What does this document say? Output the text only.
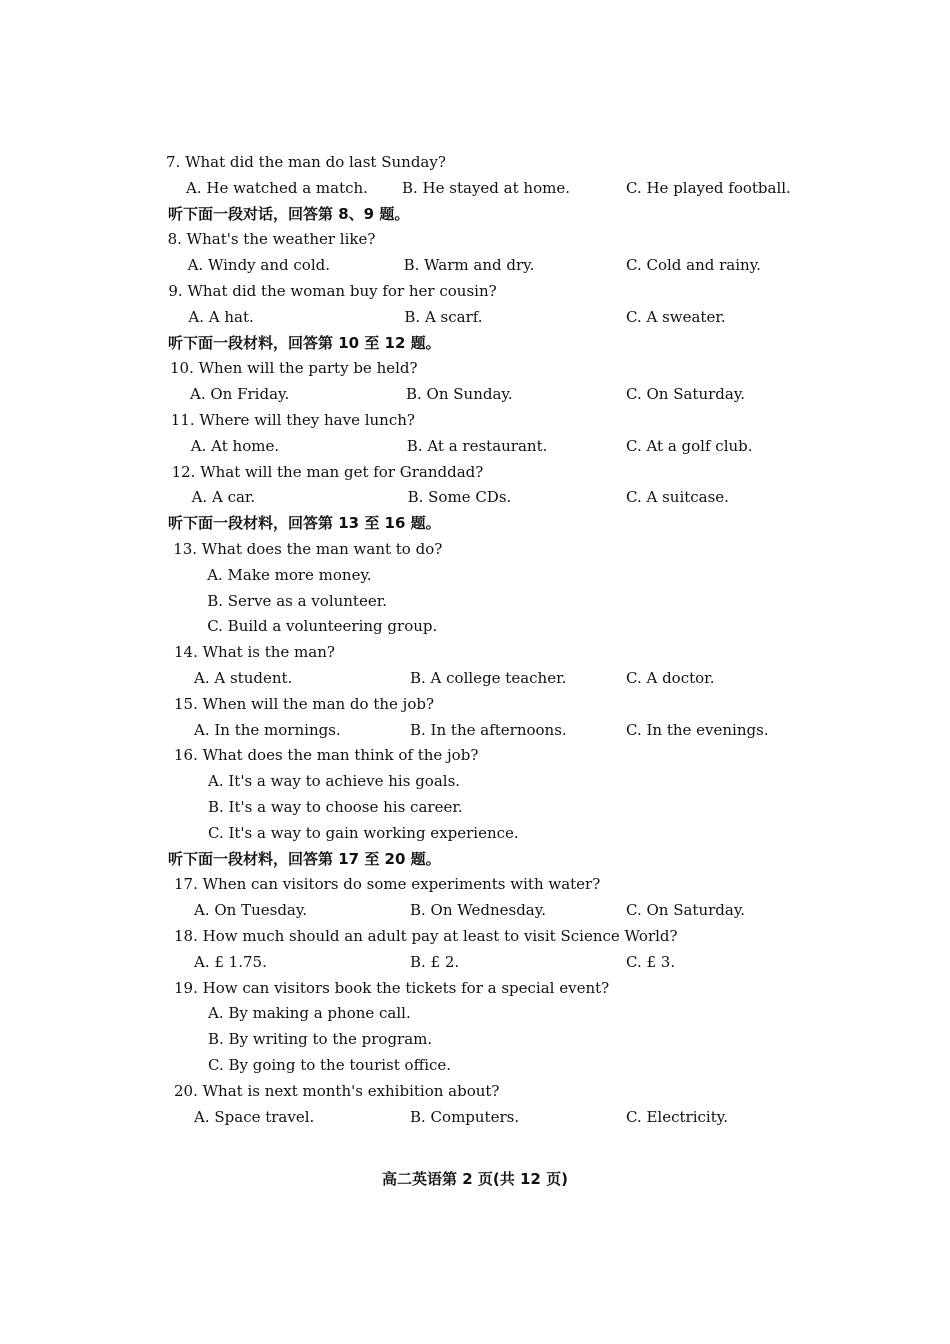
高二英语第 2 页(共 12 页)
7. What did the man do last Sunday?
A. He watched a match. B. He stayed at home.	C. He played football.
听下面一段对话，回答第 8、9 题。
8. What's the weather like?
A. Windy and cold.	B. Warm and dry.	C. Cold and rainy.
9. What did the woman buy for her cousin?
A. A hat.	B. A scarf.	C. A sweater.
听下面一段材料，回答第 10 至 12 题。
10. When will the party be held?
A. On Friday.	B. On Sunday.	C. On Saturday.
11. Where will they have lunch?
A. At home.	B. At a restaurant.	C. At a golf club.
12. What will the man get for Granddad?
A. A car.	B. Some CDs.	C. A suitcase.
听下面一段材料，回答第 13 至 16 题。
13. What does the man want to do?
A. Make more money.
B. Serve as a volunteer.
C. Build a volunteering group.
14. What is the man?
A. A student.	B. A college teacher.	C. A doctor.
15. When will the man do the job?
A. In the mornings.	B. In the afternoons.	C. In the evenings.
16. What does the man think of the job?
A. It's a way to achieve his goals.
B. It's a way to choose his career.
C. It's a way to gain working experience.
听下面一段材料，回答第 17 至 20 题。
17. When can visitors do some experiments with water?
A. On Tuesday.	B. On Wednesday.	C. On Saturday.
18. How much should an adult pay at least to visit Science World?
A. £ 1.75.	B. £ 2.	C. £ 3.
19. How can visitors book the tickets for a special event?
A. By making a phone call.
B. By writing to the program.
C. By going to the tourist office.
20. What is next month's exhibition about?
A. Space travel.	B. Computers.	C. Electricity.
